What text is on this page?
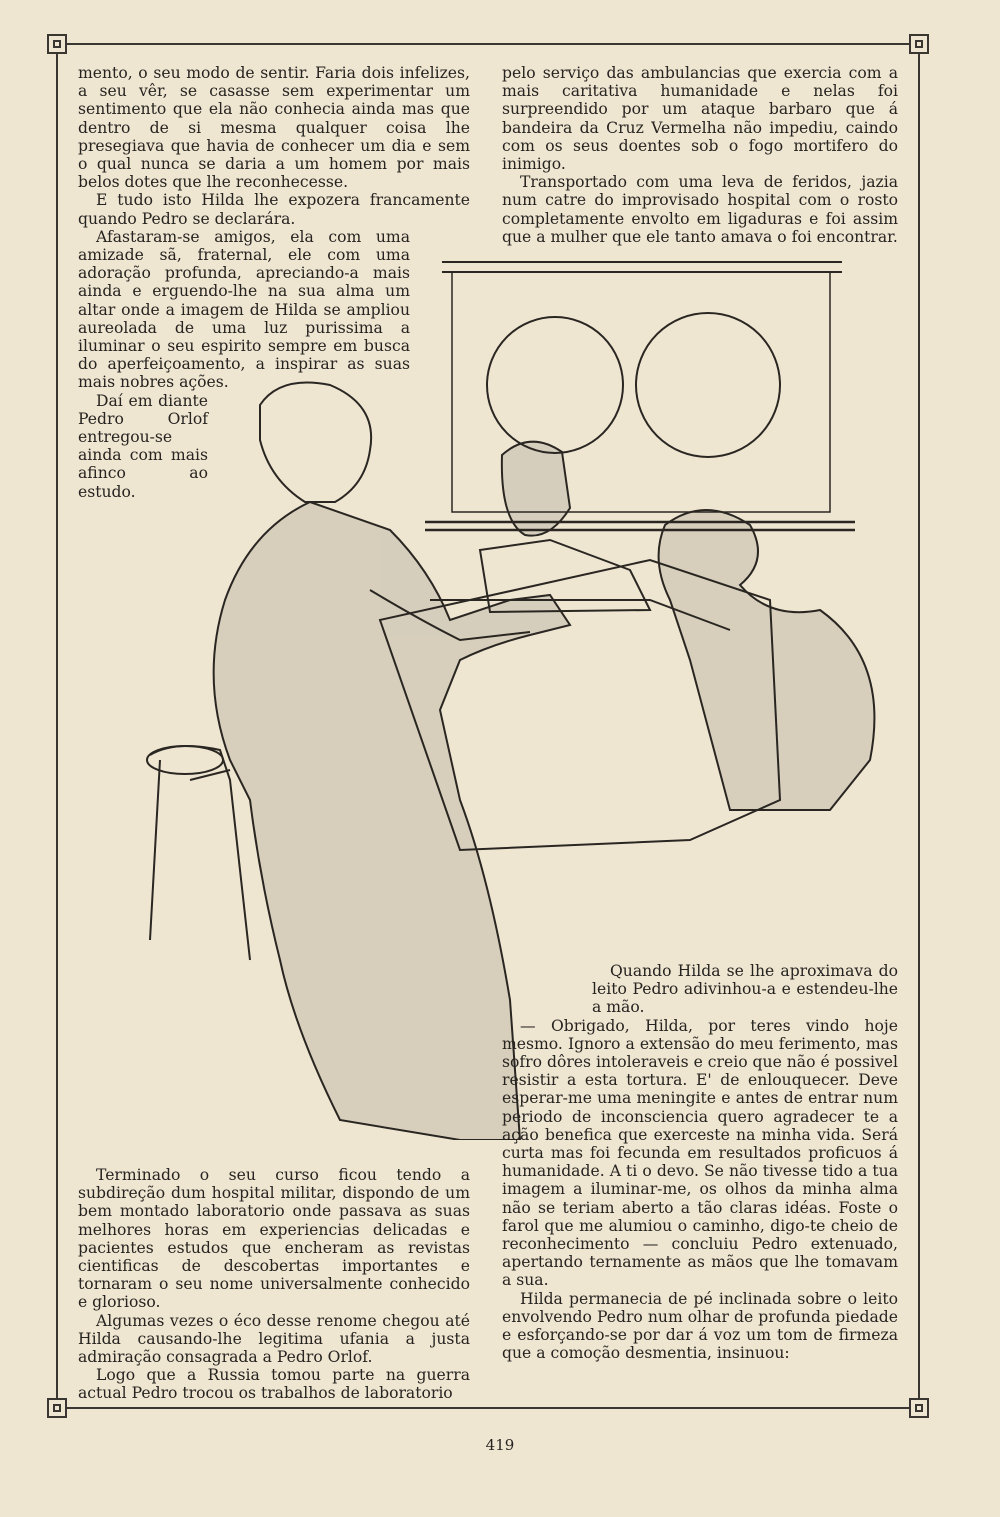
mento, o seu modo de sentir. Faria dois infelizes, a seu vêr, se casasse sem experimentar um sentimento que ela não conhecia ainda mas que dentro de si mesma qualquer coisa lhe presegiava que havia de conhecer um dia e sem o qual nunca se daria a um homem por mais belos dotes que lhe reconhecesse.

E tudo isto Hilda lhe expozera francamente quando Pedro se declarára.

Afastaram-se amigos, ela com uma amizade sã, fraternal, ele com uma adoração profunda, apreciando-a mais ainda e erguendo-lhe na sua alma um altar onde a imagem de Hilda se ampliou aureolada de uma luz purissima a iluminar o seu espirito sempre em busca do aperfeiçoamento, a inspirar as suas mais nobres ações.

Daí em diante Pedro Orlof entregou-se ainda com mais afinco ao estudo.

pelo serviço das ambulancias que exercia com a mais caritativa humanidade e nelas foi surpreendido por um ataque barbaro que á bandeira da Cruz Vermelha não impediu, caindo com os seus doentes sob o fogo mortifero do inimigo.

Transportado com uma leva de feridos, jazia num catre do improvisado hospital com o rosto completamente envolto em ligaduras e foi assim que a mulher que ele tanto amava o foi encontrar.

Quando Hilda se lhe aproximava do leito Pedro adivinhou-a e estendeu-lhe a mão.

— Obrigado, Hilda, por teres vindo hoje mesmo. Ignoro a extensão do meu ferimento, mas sofro dôres intoleraveis e creio que não é possivel resistir a esta tortura. E' de enlouquecer. Deve esperar-me uma meningite e antes de entrar num periodo de inconsciencia quero agradecer te a ação benefica que exerceste na minha vida. Será curta mas foi fecunda em resultados proficuos á humanidade. A ti o devo. Se não tivesse tido a tua imagem a iluminar-me, os olhos da minha alma não se teriam aberto a tão claras idéas. Foste o farol que me alumiou o caminho, digo-te cheio de reconhecimento — concluiu Pedro extenuado, apertando ternamente as mãos que lhe tomavam a sua.

Hilda permanecia de pé inclinada sobre o leito envolvendo Pedro num olhar de profunda piedade e esforçando-se por dar á voz um tom de firmeza que a comoção desmentia, insinuou:

Terminado o seu curso ficou tendo a subdireção dum hospital militar, dispondo de um bem montado laboratorio onde passava as suas melhores horas em experiencias delicadas e pacientes estudos que encheram as revistas cientificas de descobertas importantes e tornaram o seu nome universalmente conhecido e glorioso.

Algumas vezes o éco desse renome chegou até Hilda causando-lhe legitima ufania a justa admiração consagrada a Pedro Orlof.

Logo que a Russia tomou parte na guerra actual Pedro trocou os trabalhos de laboratorio

419
